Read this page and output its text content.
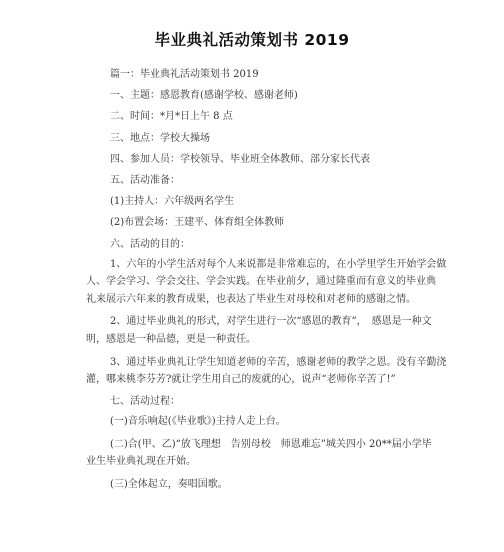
毕业典礼活动策划书 2019
篇一：毕业典礼活动策划书 2019
一、主题：感恩教育(感谢学校、感谢老师)
二、时间：*月*日上午 8 点
三、地点：学校大操场
四、参加人员：学校领导、毕业班全体教师、部分家长代表
五、活动准备：
(1)主持人：六年级两名学生
(2)布置会场：王建平、体育组全体教师
六、活动的目的：
1、六年的小学生活对每个人来说都是非常难忘的，在小学里学生开始学会做
人、学会学习、学会交往、学会实践。在毕业前夕，通过隆重而有意义的毕业典
礼来展示六年来的教育成果，也表达了毕业生对母校和对老师的感谢之情。
2、通过毕业典礼的形式，对学生进行一次“感恩的教育”，　感恩是一种文
明，感恩是一种品德，更是一种责任。
3、通过毕业典礼让学生知道老师的辛苦，感谢老师的教学之恩。没有辛勤浇
灌，哪来桃李芬芳?就让学生用自己的废就的心，说声“老师你辛苦了!”
七、活动过程：
(一)音乐响起(《毕业歌》)主持人走上台。
(二)合(甲、乙)“放飞理想　告别母校　师恩难忘”城关四小 20**届小学毕
业生毕业典礼现在开始。
(三)全体起立，奏唱国歌。
